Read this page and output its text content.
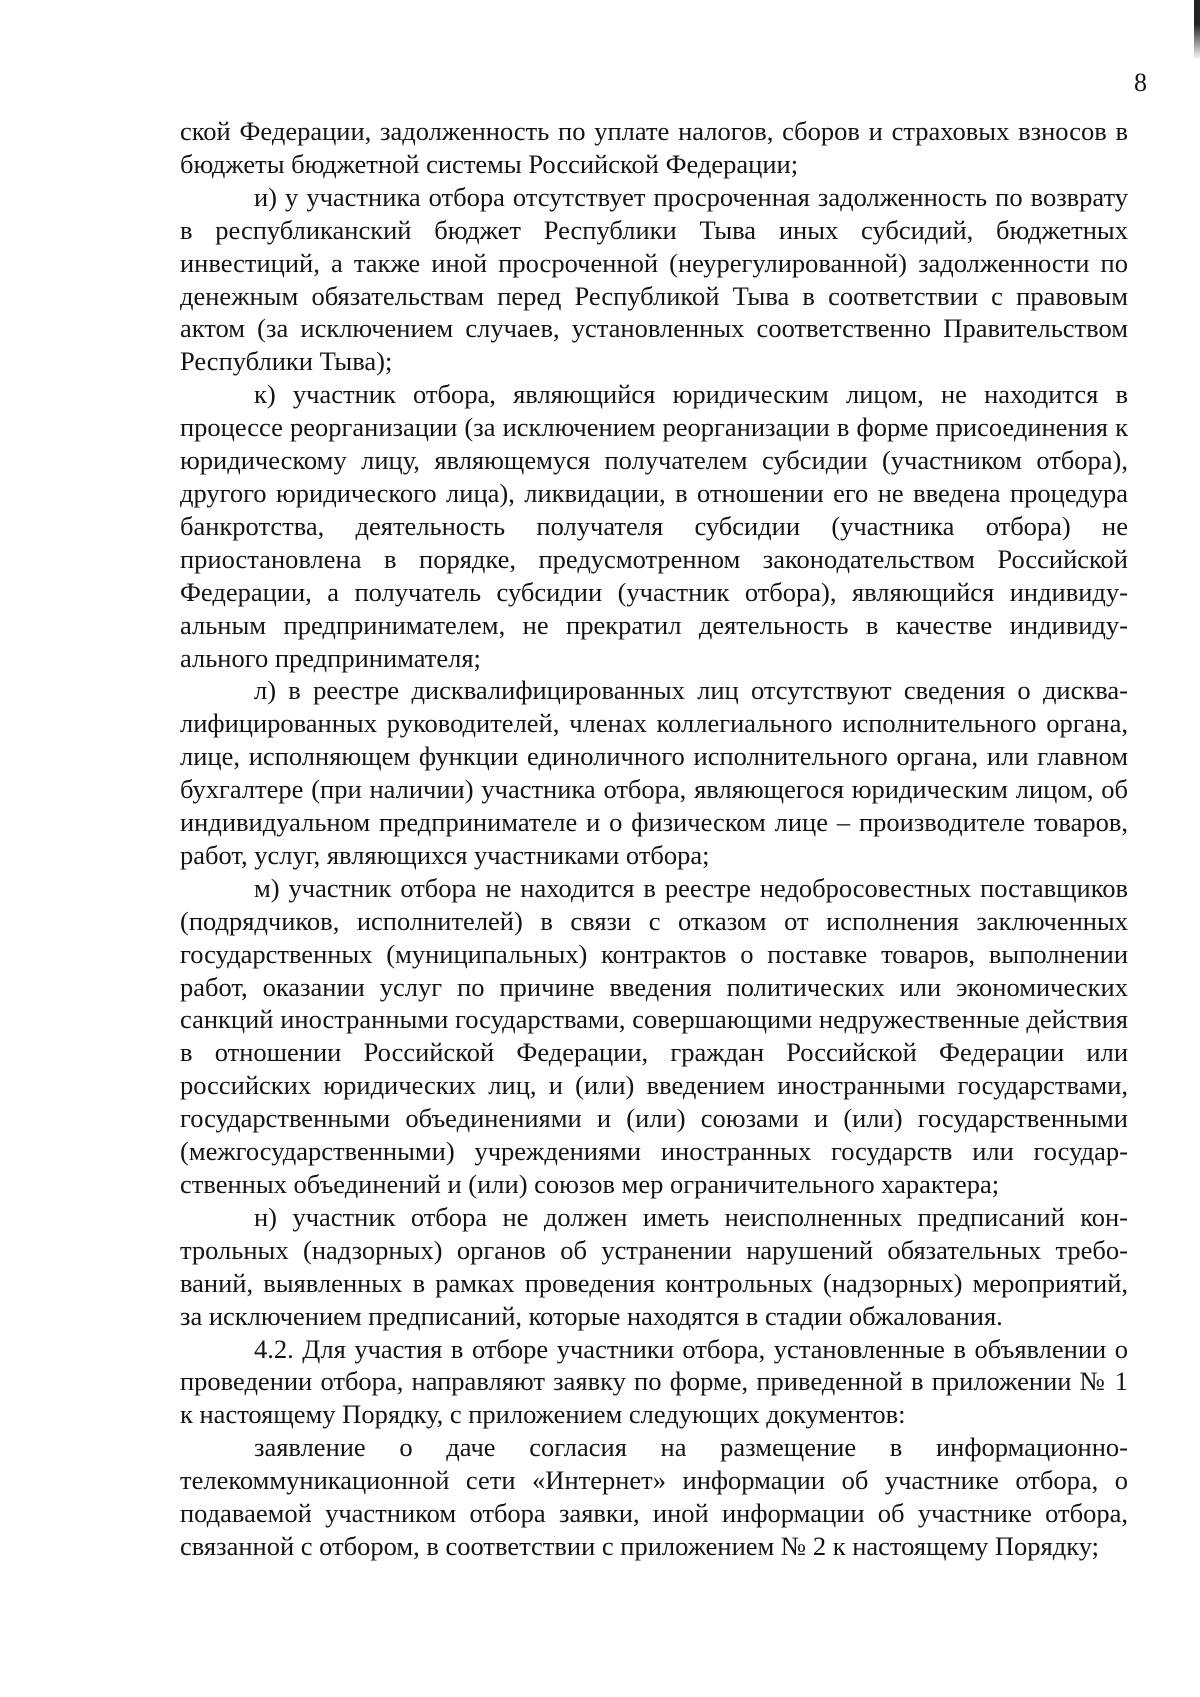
8

ской Федерации, задолженность по уплате налогов, сборов и страховых взносов в бюджеты бюджетной системы Российской Федерации;

и) у участника отбора отсутствует просроченная задолженность по возврату в республиканский бюджет Республики Тыва иных субсидий, бюджетных инвестиций, а также иной просроченной (неурегулированной) задолженности по денежным обязательствам перед Республикой Тыва в соответствии с правовым актом (за исключением случаев, установленных соответственно Правительством Республики Тыва);

к) участник отбора, являющийся юридическим лицом, не находится в процессе реорганизации (за исключением реорганизации в форме присоединения к юридическому лицу, являющемуся получателем субсидии (участником отбора), другого юридического лица), ликвидации, в отношении его не введена процедура банкротства, деятельность получателя субсидии (участника отбора) не приостановлена в порядке, предусмотренном законодательством Российской Федерации, а получатель субсидии (участник отбора), являющийся индивидуальным предпринимателем, не прекратил деятельность в качестве индивидуального предпринимателя;

л) в реестре дисквалифицированных лиц отсутствуют сведения о дисквалифицированных руководителей, членах коллегиального исполнительного органа, лице, исполняющем функции единоличного исполнительного органа, или главном бухгалтере (при наличии) участника отбора, являющегося юридическим лицом, об индивидуальном предпринимателе и о физическом лице – производителе товаров, работ, услуг, являющихся участниками отбора;

м) участник отбора не находится в реестре недобросовестных поставщиков (подрядчиков, исполнителей) в связи с отказом от исполнения заключенных государственных (муниципальных) контрактов о поставке товаров, выполнении работ, оказании услуг по причине введения политических или экономических санкций иностранными государствами, совершающими недружественные действия в отношении Российской Федерации, граждан Российской Федерации или российских юридических лиц, и (или) введением иностранными государствами, государственными объединениями и (или) союзами и (или) государственными (межгосударственными) учреждениями иностранных государств или государственных объединений и (или) союзов мер ограничительного характера;

н) участник отбора не должен иметь неисполненных предписаний контрольных (надзорных) органов об устранении нарушений обязательных требований, выявленных в рамках проведения контрольных (надзорных) мероприятий, за исключением предписаний, которые находятся в стадии обжалования.

4.2. Для участия в отборе участники отбора, установленные в объявлении о проведении отбора, направляют заявку по форме, приведенной в приложении № 1 к настоящему Порядку, с приложением следующих документов:

заявление о даче согласия на размещение в информационно-телекоммуникационной сети «Интернет» информации об участнике отбора, о подаваемой участником отбора заявки, иной информации об участнике отбора, связанной с отбором, в соответствии с приложением № 2 к настоящему Порядку;
